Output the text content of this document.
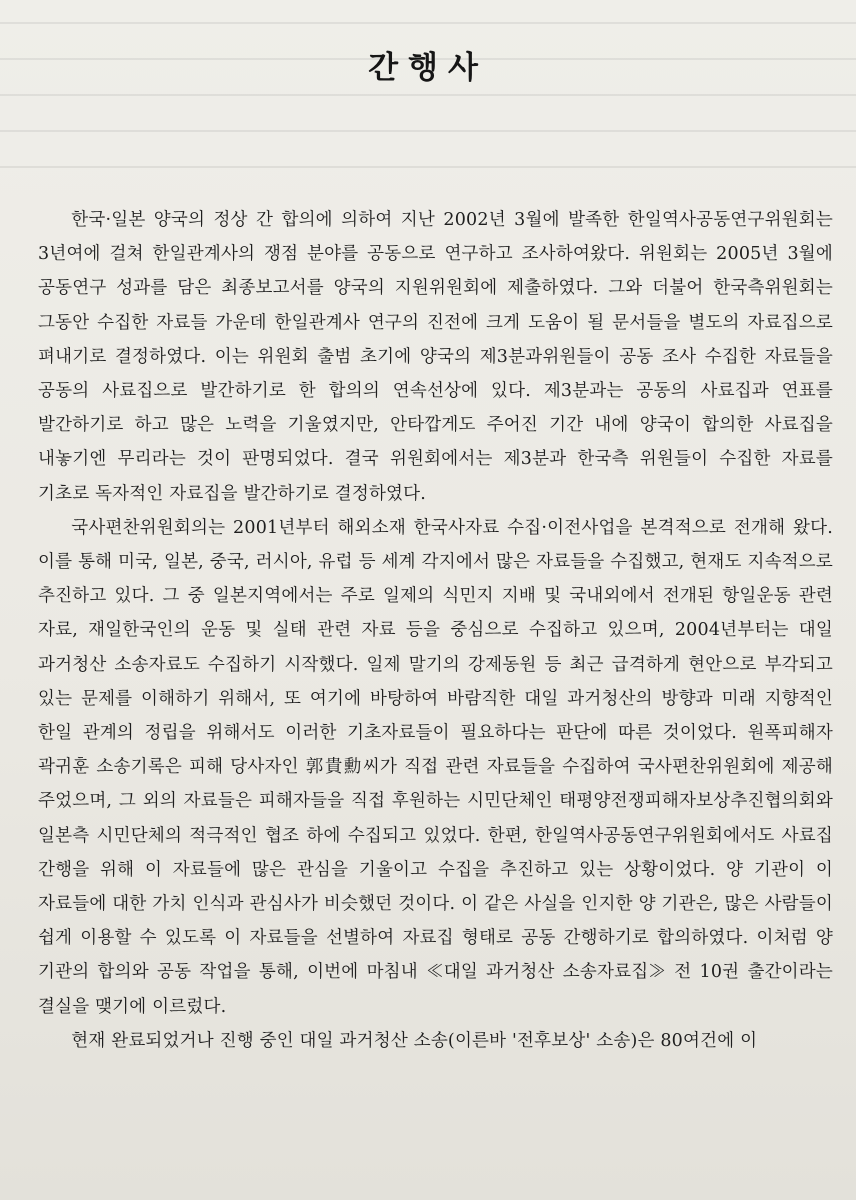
간행사

한국·일본 양국의 정상 간 합의에 의하여 지난 2002년 3월에 발족한 한일역사공동연구위원회는 3년여에 걸쳐 한일관계사의 쟁점 분야를 공동으로 연구하고 조사하여왔다. 위원회는 2005년 3월에 공동연구 성과를 담은 최종보고서를 양국의 지원위원회에 제출하였다. 그와 더불어 한국측위원회는 그동안 수집한 자료들 가운데 한일관계사 연구의 진전에 크게 도움이 될 문서들을 별도의 자료집으로 펴내기로 결정하였다. 이는 위원회 출범 초기에 양국의 제3분과위원들이 공동 조사 수집한 자료들을 공동의 사료집으로 발간하기로 한 합의의 연속선상에 있다. 제3분과는 공동의 사료집과 연표를 발간하기로 하고 많은 노력을 기울였지만, 안타깝게도 주어진 기간 내에 양국이 합의한 사료집을 내놓기엔 무리라는 것이 판명되었다. 결국 위원회에서는 제3분과 한국측 위원들이 수집한 자료를 기초로 독자적인 자료집을 발간하기로 결정하였다.

국사편찬위원회의는 2001년부터 해외소재 한국사자료 수집·이전사업을 본격적으로 전개해 왔다. 이를 통해 미국, 일본, 중국, 러시아, 유럽 등 세계 각지에서 많은 자료들을 수집했고, 현재도 지속적으로 추진하고 있다. 그 중 일본지역에서는 주로 일제의 식민지 지배 및 국내외에서 전개된 항일운동 관련 자료, 재일한국인의 운동 및 실태 관련 자료 등을 중심으로 수집하고 있으며, 2004년부터는 대일 과거청산 소송자료도 수집하기 시작했다. 일제 말기의 강제동원 등 최근 급격하게 현안으로 부각되고 있는 문제를 이해하기 위해서, 또 여기에 바탕하여 바람직한 대일 과거청산의 방향과 미래 지향적인 한일 관계의 정립을 위해서도 이러한 기초자료들이 필요하다는 판단에 따른 것이었다. 원폭피해자 곽귀훈 소송기록은 피해 당사자인 郭貴勳씨가 직접 관련 자료들을 수집하여 국사편찬위원회에 제공해 주었으며, 그 외의 자료들은 피해자들을 직접 후원하는 시민단체인 태평양전쟁피해자보상추진협의회와 일본측 시민단체의 적극적인 협조 하에 수집되고 있었다. 한편, 한일역사공동연구위원회에서도 사료집 간행을 위해 이 자료들에 많은 관심을 기울이고 수집을 추진하고 있는 상황이었다. 양 기관이 이 자료들에 대한 가치 인식과 관심사가 비슷했던 것이다. 이 같은 사실을 인지한 양 기관은, 많은 사람들이 쉽게 이용할 수 있도록 이 자료들을 선별하여 자료집 형태로 공동 간행하기로 합의하였다. 이처럼 양 기관의 합의와 공동 작업을 통해, 이번에 마침내 ≪대일 과거청산 소송자료집≫ 전 10권 출간이라는 결실을 맺기에 이르렀다.

현재 완료되었거나 진행 중인 대일 과거청산 소송(이른바 '전후보상' 소송)은 80여건에 이
